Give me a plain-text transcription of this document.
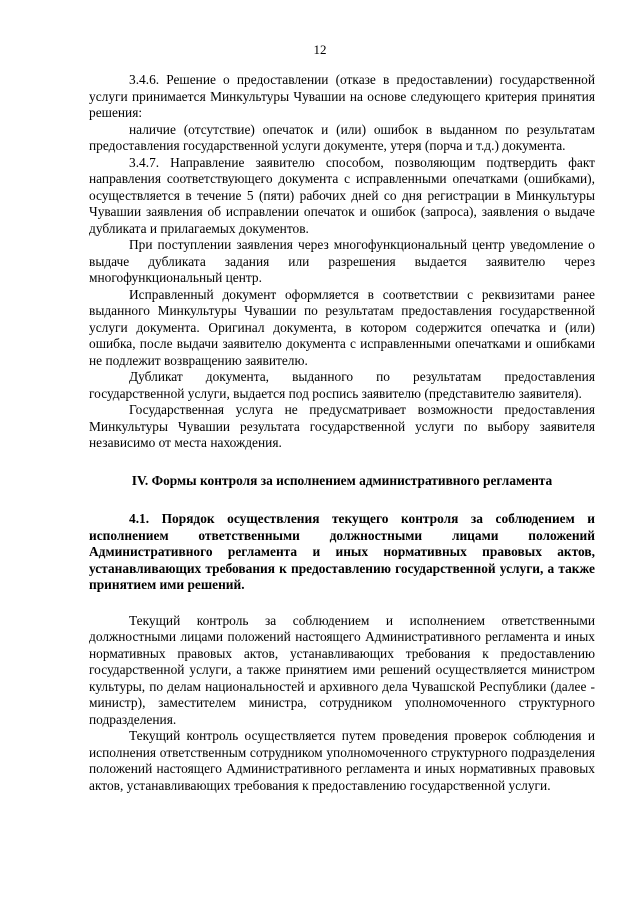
12

3.4.6. Решение о предоставлении (отказе в предоставлении) государственной услуги принимается Минкультуры Чувашии на основе следующего критерия принятия решения:

наличие (отсутствие) опечаток и (или) ошибок в выданном по результатам предоставления государственной услуги документе, утеря (порча и т.д.) документа.

3.4.7. Направление заявителю способом, позволяющим подтвердить факт направления соответствующего документа с исправленными опечатками (ошибками), осуществляется в течение 5 (пяти) рабочих дней со дня регистрации в Минкультуры Чувашии заявления об исправлении опечаток и ошибок (запроса), заявления о выдаче дубликата и прилагаемых документов.

При поступлении заявления через многофункциональный центр уведомление о выдаче дубликата задания или разрешения выдается заявителю через многофункциональный центр.

Исправленный документ оформляется в соответствии с реквизитами ранее выданного Минкультуры Чувашии по результатам предоставления государственной услуги документа. Оригинал документа, в котором содержится опечатка и (или) ошибка, после выдачи заявителю документа с исправленными опечатками и ошибками не подлежит возвращению заявителю.

Дубликат документа, выданного по результатам предоставления государственной услуги, выдается под роспись заявителю (представителю заявителя).

Государственная услуга не предусматривает возможности предоставления Минкультуры Чувашии результата государственной услуги по выбору заявителя независимо от места нахождения.

IV. Формы контроля за исполнением административного регламента

4.1. Порядок осуществления текущего контроля за соблюдением и исполнением ответственными должностными лицами положений Административного регламента и иных нормативных правовых актов, устанавливающих требования к предоставлению государственной услуги, а также принятием ими решений.

Текущий контроль за соблюдением и исполнением ответственными должностными лицами положений настоящего Административного регламента и иных нормативных правовых актов, устанавливающих требования к предоставлению государственной услуги, а также принятием ими решений осуществляется министром культуры, по делам национальностей и архивного дела Чувашской Республики (далее - министр), заместителем министра, сотрудником уполномоченного структурного подразделения.

Текущий контроль осуществляется путем проведения проверок соблюдения и исполнения ответственным сотрудником уполномоченного структурного подразделения положений настоящего Административного регламента и иных нормативных правовых актов, устанавливающих требования к предоставлению государственной услуги.
